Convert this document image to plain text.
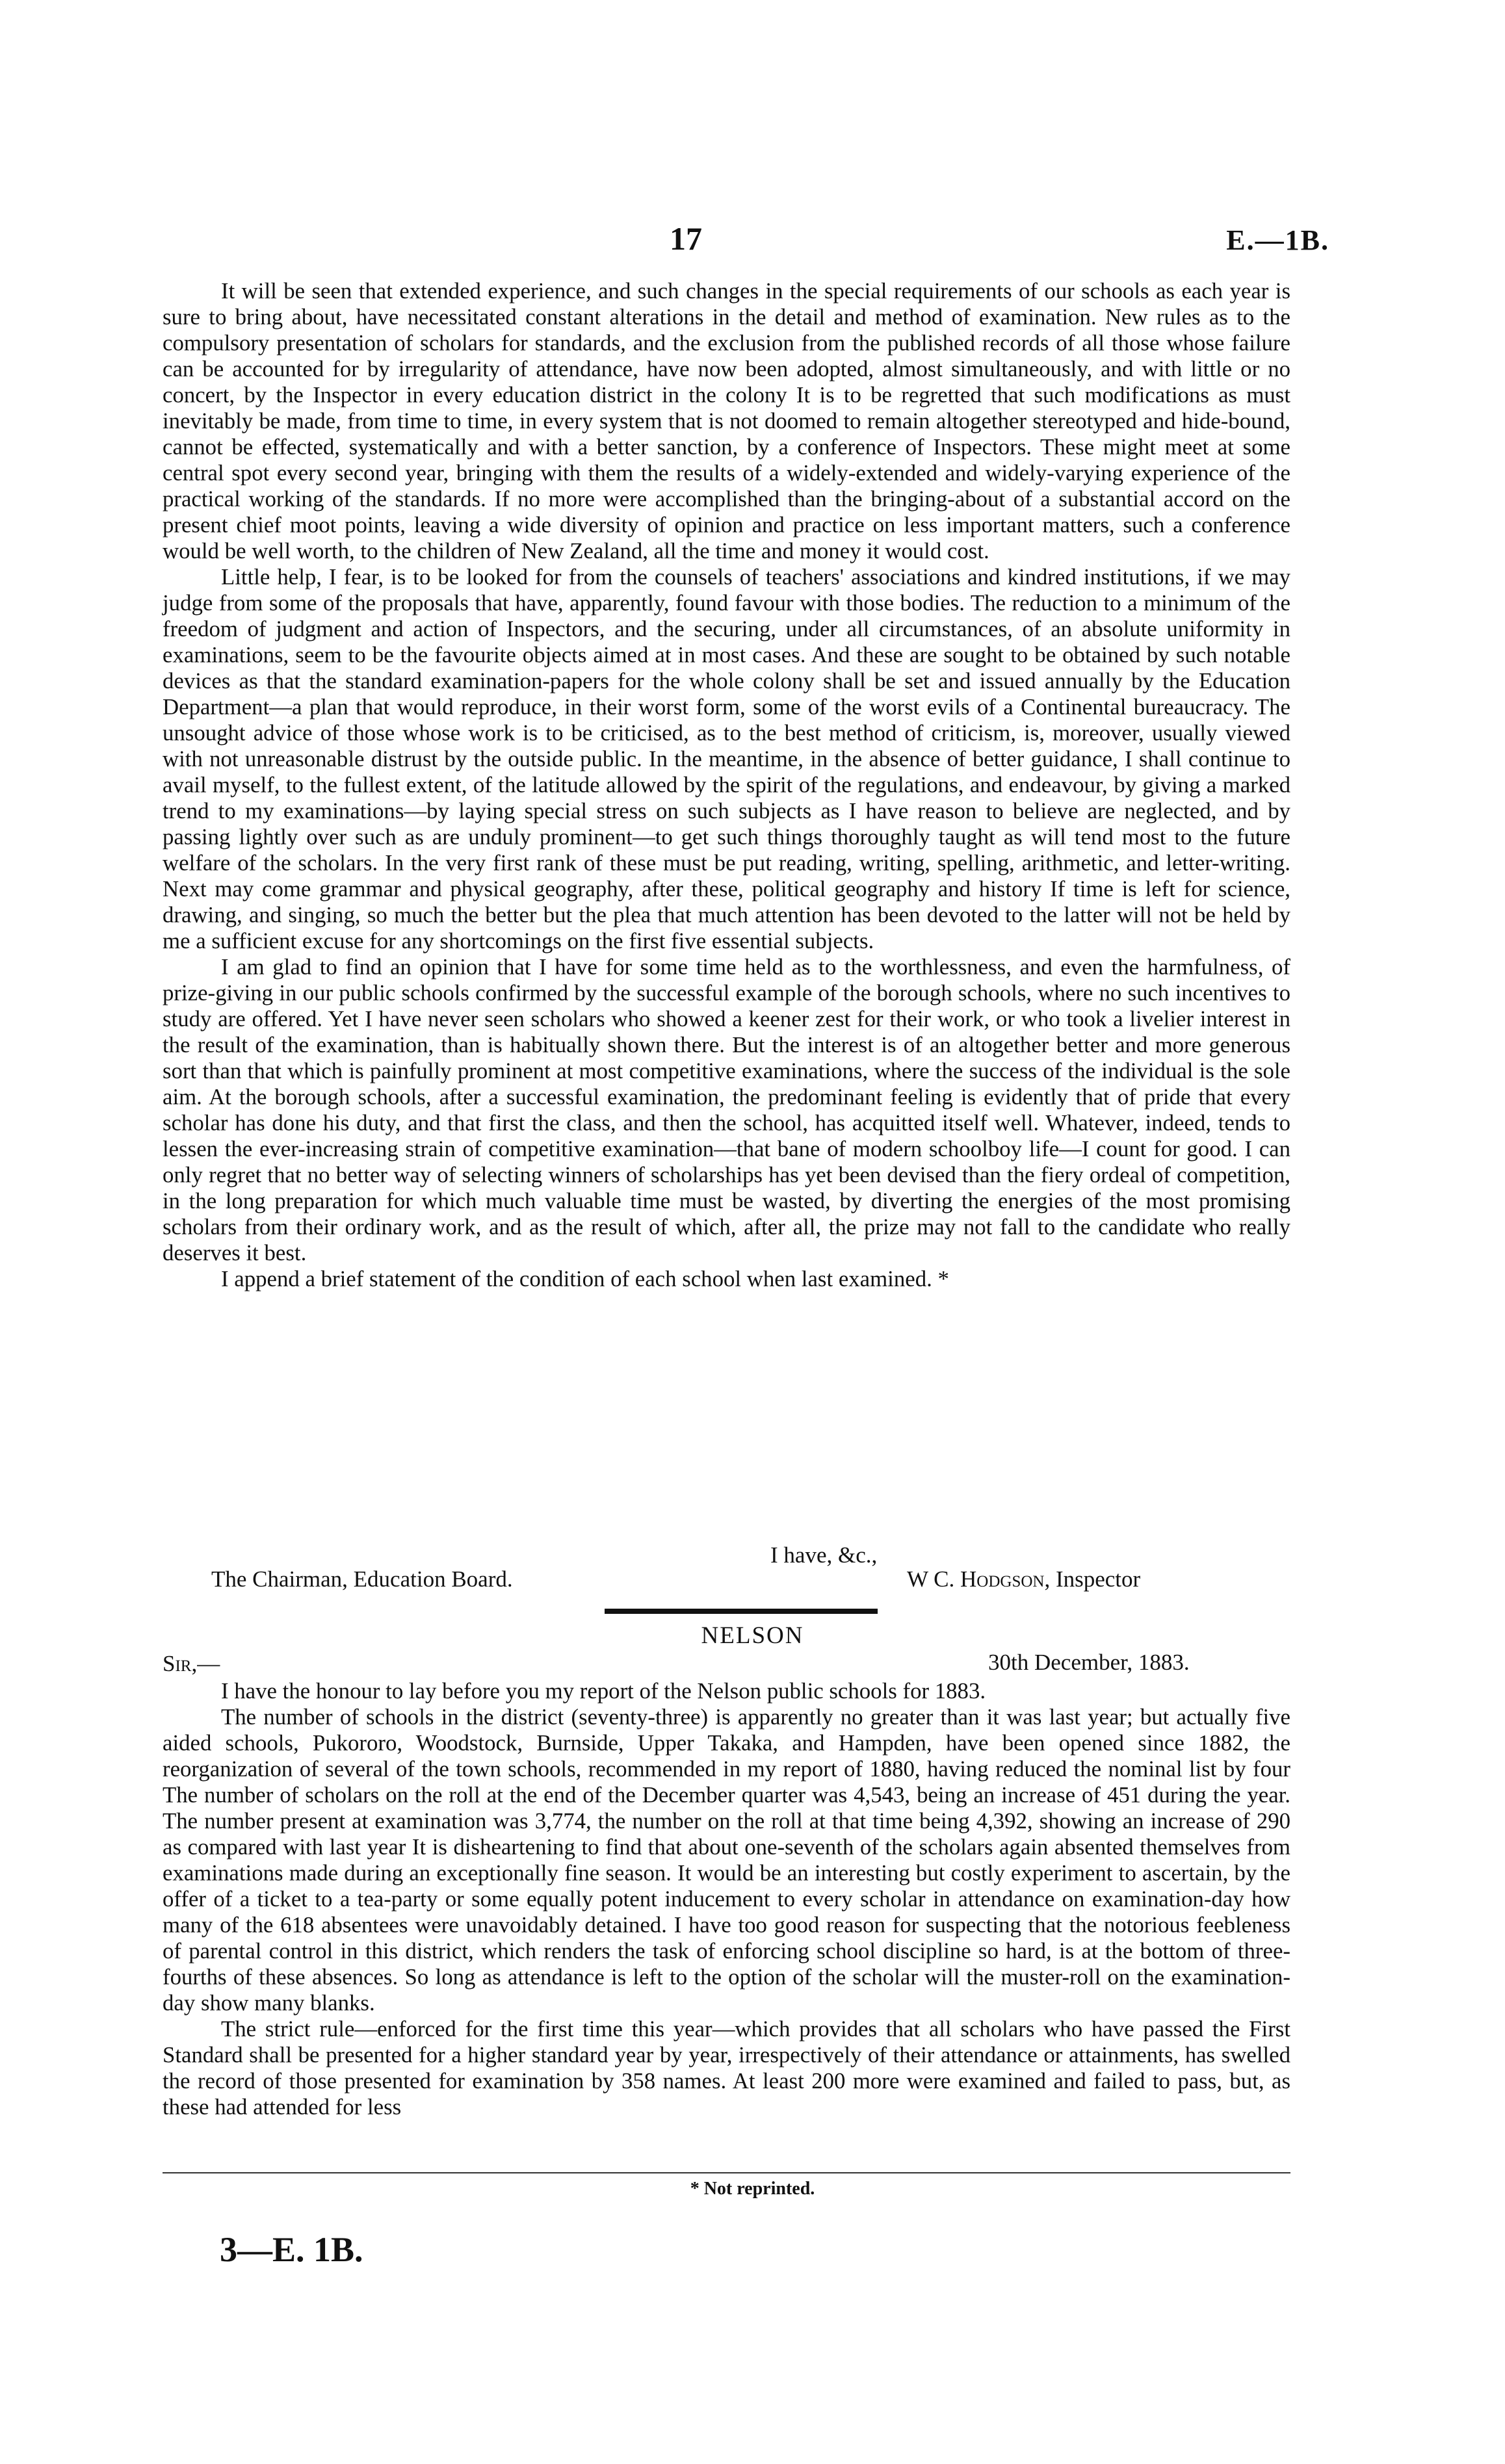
17	E.—1B.

It will be seen that extended experience, and such changes in the special requirements of our schools as each year is sure to bring about, have necessitated constant alterations in the detail and method of examination. New rules as to the compulsory presentation of scholars for standards, and the exclusion from the published records of all those whose failure can be accounted for by irregularity of attendance, have now been adopted, almost simultaneously, and with little or no concert, by the Inspector in every education district in the colony It is to be regretted that such modifications as must inevitably be made, from time to time, in every system that is not doomed to remain altogether stereotyped and hide-bound, cannot be effected, systematically and with a better sanction, by a conference of Inspectors. These might meet at some central spot every second year, bringing with them the results of a widely-extended and widely-varying experience of the practical working of the standards. If no more were accomplished than the bringing-about of a substantial accord on the present chief moot points, leaving a wide diversity of opinion and practice on less important matters, such a conference would be well worth, to the children of New Zealand, all the time and money it would cost.

Little help, I fear, is to be looked for from the counsels of teachers' associations and kindred institutions, if we may judge from some of the proposals that have, apparently, found favour with those bodies. The reduction to a minimum of the freedom of judgment and action of Inspectors, and the securing, under all circumstances, of an absolute uniformity in examinations, seem to be the favourite objects aimed at in most cases. And these are sought to be obtained by such notable devices as that the standard examination-papers for the whole colony shall be set and issued annually by the Education Department—a plan that would reproduce, in their worst form, some of the worst evils of a Continental bureaucracy. The unsought advice of those whose work is to be criticised, as to the best method of criticism, is, moreover, usually viewed with not unreasonable distrust by the outside public. In the meantime, in the absence of better guidance, I shall continue to avail myself, to the fullest extent, of the latitude allowed by the spirit of the regulations, and endeavour, by giving a marked trend to my examinations—by laying special stress on such subjects as I have reason to believe are neglected, and by passing lightly over such as are unduly prominent—to get such things thoroughly taught as will tend most to the future welfare of the scholars. In the very first rank of these must be put reading, writing, spelling, arithmetic, and letter-writing. Next may come grammar and physical geography, after these, political geography and history If time is left for science, drawing, and singing, so much the better but the plea that much attention has been devoted to the latter will not be held by me a sufficient excuse for any shortcomings on the first five essential subjects.

I am glad to find an opinion that I have for some time held as to the worthlessness, and even the harmfulness, of prize-giving in our public schools confirmed by the successful example of the borough schools, where no such incentives to study are offered. Yet I have never seen scholars who showed a keener zest for their work, or who took a livelier interest in the result of the examination, than is habitually shown there. But the interest is of an altogether better and more generous sort than that which is painfully prominent at most competitive examinations, where the success of the individual is the sole aim. At the borough schools, after a successful examination, the predominant feeling is evidently that of pride that every scholar has done his duty, and that first the class, and then the school, has acquitted itself well. Whatever, indeed, tends to lessen the ever-increasing strain of competitive examination—that bane of modern schoolboy life—I count for good. I can only regret that no better way of selecting winners of scholarships has yet been devised than the fiery ordeal of competition, in the long preparation for which much valuable time must be wasted, by diverting the energies of the most promising scholars from their ordinary work, and as the result of which, after all, the prize may not fall to the candidate who really deserves it best.

I append a brief statement of the condition of each school when last examined. *

I have, &c.,
The Chairman, Education Board.	W C. Hodgson, Inspector
NELSON
Sir,—	30th December, 1883.

I have the honour to lay before you my report of the Nelson public schools for 1883.

The number of schools in the district (seventy-three) is apparently no greater than it was last year; but actually five aided schools, Pukororo, Woodstock, Burnside, Upper Takaka, and Hampden, have been opened since 1882, the reorganization of several of the town schools, recommended in my report of 1880, having reduced the nominal list by four The number of scholars on the roll at the end of the December quarter was 4,543, being an increase of 451 during the year. The number present at examination was 3,774, the number on the roll at that time being 4,392, showing an increase of 290 as compared with last year It is disheartening to find that about one-seventh of the scholars again absented themselves from examinations made during an exceptionally fine season. It would be an interesting but costly experiment to ascertain, by the offer of a ticket to a tea-party or some equally potent inducement to every scholar in attendance on examination-day how many of the 618 absentees were unavoidably detained. I have too good reason for suspecting that the notorious feebleness of parental control in this district, which renders the task of enforcing school discipline so hard, is at the bottom of three-fourths of these absences. So long as attendance is left to the option of the scholar will the muster-roll on the examination-day show many blanks.

The strict rule—enforced for the first time this year—which provides that all scholars who have passed the First Standard shall be presented for a higher standard year by year, irrespectively of their attendance or attainments, has swelled the record of those presented for examination by 358 names. At least 200 more were examined and failed to pass, but, as these had attended for less

* Not reprinted.
3—E. 1B.
